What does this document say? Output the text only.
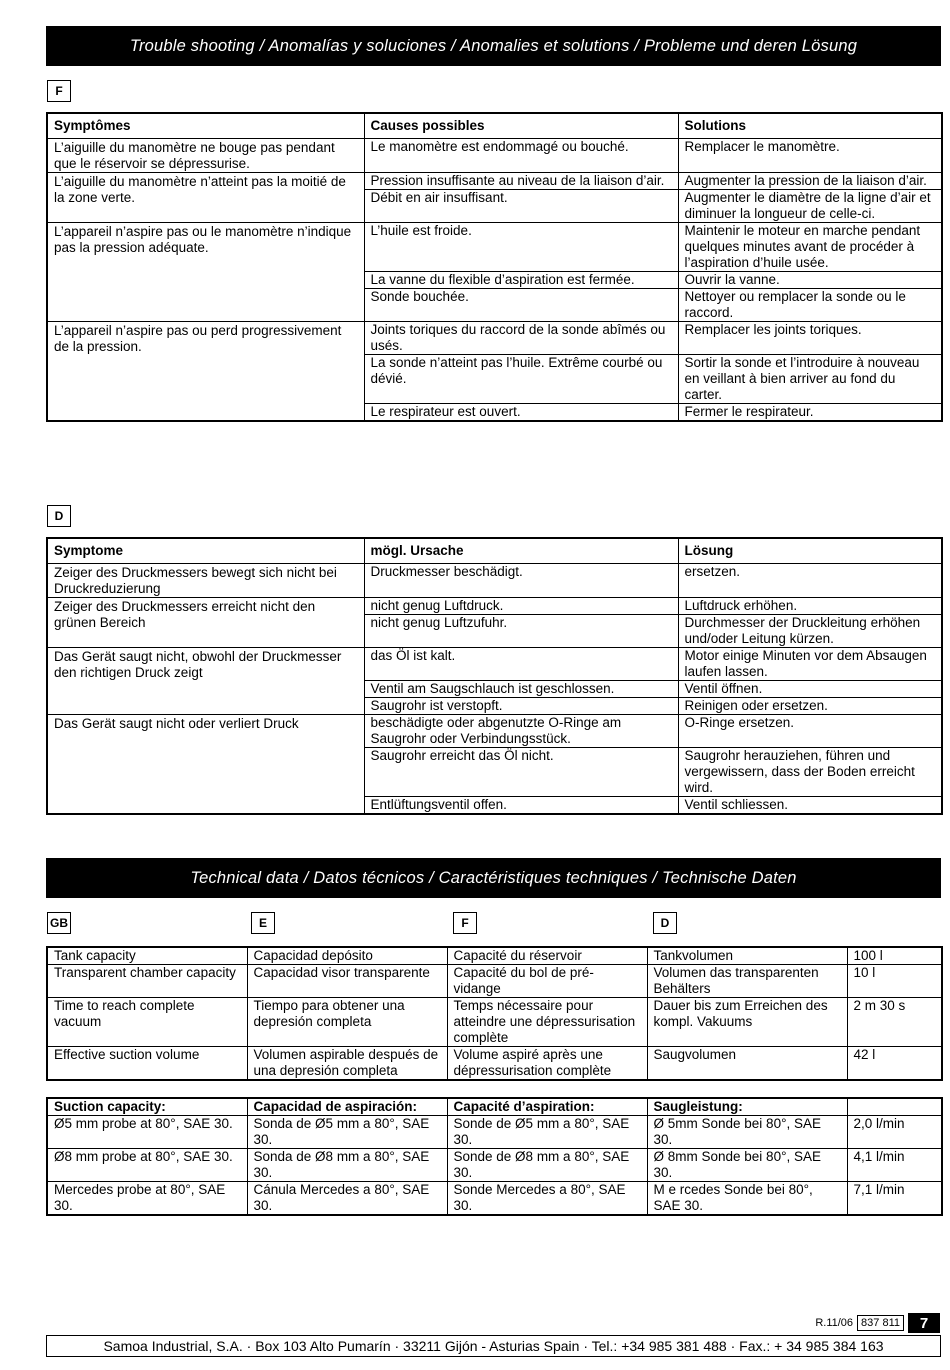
Trouble shooting / Anomalías y soluciones / Anomalies et solutions / Probleme und deren Lösung
F
Symptômes	Causes possibles	Solutions
L’aiguille du manomètre ne bouge pas pendant que le réservoir se dépressurise.	Le manomètre est endommagé ou bouché.	Remplacer le manomètre.
L’aiguille du manomètre n’atteint pas la moitié de la zone verte.	Pression insuffisante au niveau de la liaison d’air.	Augmenter la pression de la liaison d’air.
	Débit en air insuffisant.	Augmenter le diamètre de la ligne d’air et diminuer la longueur de celle-ci.
L’appareil n’aspire pas ou le manomètre n’indique pas la pression adéquate.	L’huile est froide.	Maintenir le moteur en marche pendant quelques minutes avant de procéder à l’aspiration d’huile usée.
	La vanne du flexible d’aspiration est fermée.	Ouvrir la vanne.
	Sonde bouchée.	Nettoyer ou remplacer la sonde ou le raccord.
L’appareil n’aspire pas ou perd progressivement de la pression.	Joints toriques du raccord de la sonde abîmés ou usés.	Remplacer les joints toriques.
	La sonde n’atteint pas l’huile. Extrême courbé ou dévié.	Sortir la sonde et l’introduire à nouveau en veillant à bien arriver au fond du carter.
	Le respirateur est ouvert.	Fermer le respirateur.
D
Symptome	mögl. Ursache	Lösung
Zeiger des Druckmessers bewegt sich nicht bei Druckreduzierung	Druckmesser beschädigt.	ersetzen.
Zeiger des Druckmessers erreicht nicht den grünen Bereich	nicht genug Luftdruck.	Luftdruck erhöhen.
	nicht genug Luftzufuhr.	Durchmesser der Druckleitung erhöhen und/oder Leitung kürzen.
Das Gerät saugt nicht, obwohl der Druckmesser den richtigen Druck zeigt	das Öl ist kalt.	Motor einige Minuten vor dem Absaugen laufen lassen.
	Ventil am Saugschlauch ist geschlossen.	Ventil öffnen.
	Saugrohr ist verstopft.	Reinigen oder ersetzen.
Das Gerät saugt nicht oder verliert Druck	beschädigte oder abgenutzte O-Ringe am Saugrohr oder Verbindungsstück.	O-Ringe ersetzen.
	Saugrohr erreicht das Öl nicht.	Saugrohr herauziehen, führen und vergewissern, dass der Boden erreicht wird.
	Entlüftungsventil offen.	Ventil schliessen.
Technical data / Datos técnicos / Caractéristiques techniques / Technische Daten
GB	E	F	D
Tank capacity	Capacidad depósito	Capacité du réservoir	Tankvolumen	100 l
Transparent chamber capacity	Capacidad visor transparente	Capacité du bol de pré-vidange	Volumen das transparenten Behälters	10 l
Time to reach complete vacuum	Tiempo para obtener una depresión completa	Temps nécessaire pour atteindre une dépressurisation complète	Dauer bis zum Erreichen des kompl. Vakuums	2 m 30 s
Effective suction volume	Volumen aspirable después de una depresión completa	Volume aspiré après une dépressurisation complète	Saugvolumen	42 l
Suction capacity:	Capacidad de aspiración:	Capacité d’aspiration:	Saugleistung:	
Ø5 mm probe at 80°, SAE 30.	Sonda de Ø5 mm a 80°, SAE 30.	Sonde de Ø5 mm a 80°, SAE 30.	Ø 5mm Sonde bei 80°, SAE 30.	2,0 l/min
Ø8 mm probe at 80°, SAE 30.	Sonda de Ø8 mm a 80°, SAE 30.	Sonde de Ø8 mm a 80°, SAE 30.	Ø 8mm Sonde bei 80°, SAE 30.	4,1 l/min
Mercedes probe at 80°, SAE 30.	Cánula Mercedes a 80°, SAE 30.	Sonde Mercedes a 80°, SAE 30.	M e rcedes Sonde bei 80°, SAE 30.	7,1 l/min
R.11/06 837 811	7
Samoa Industrial, S.A. · Box 103 Alto Pumarín · 33211 Gijón - Asturias Spain · Tel.: +34 985 381 488 · Fax.: + 34 985 384 163
